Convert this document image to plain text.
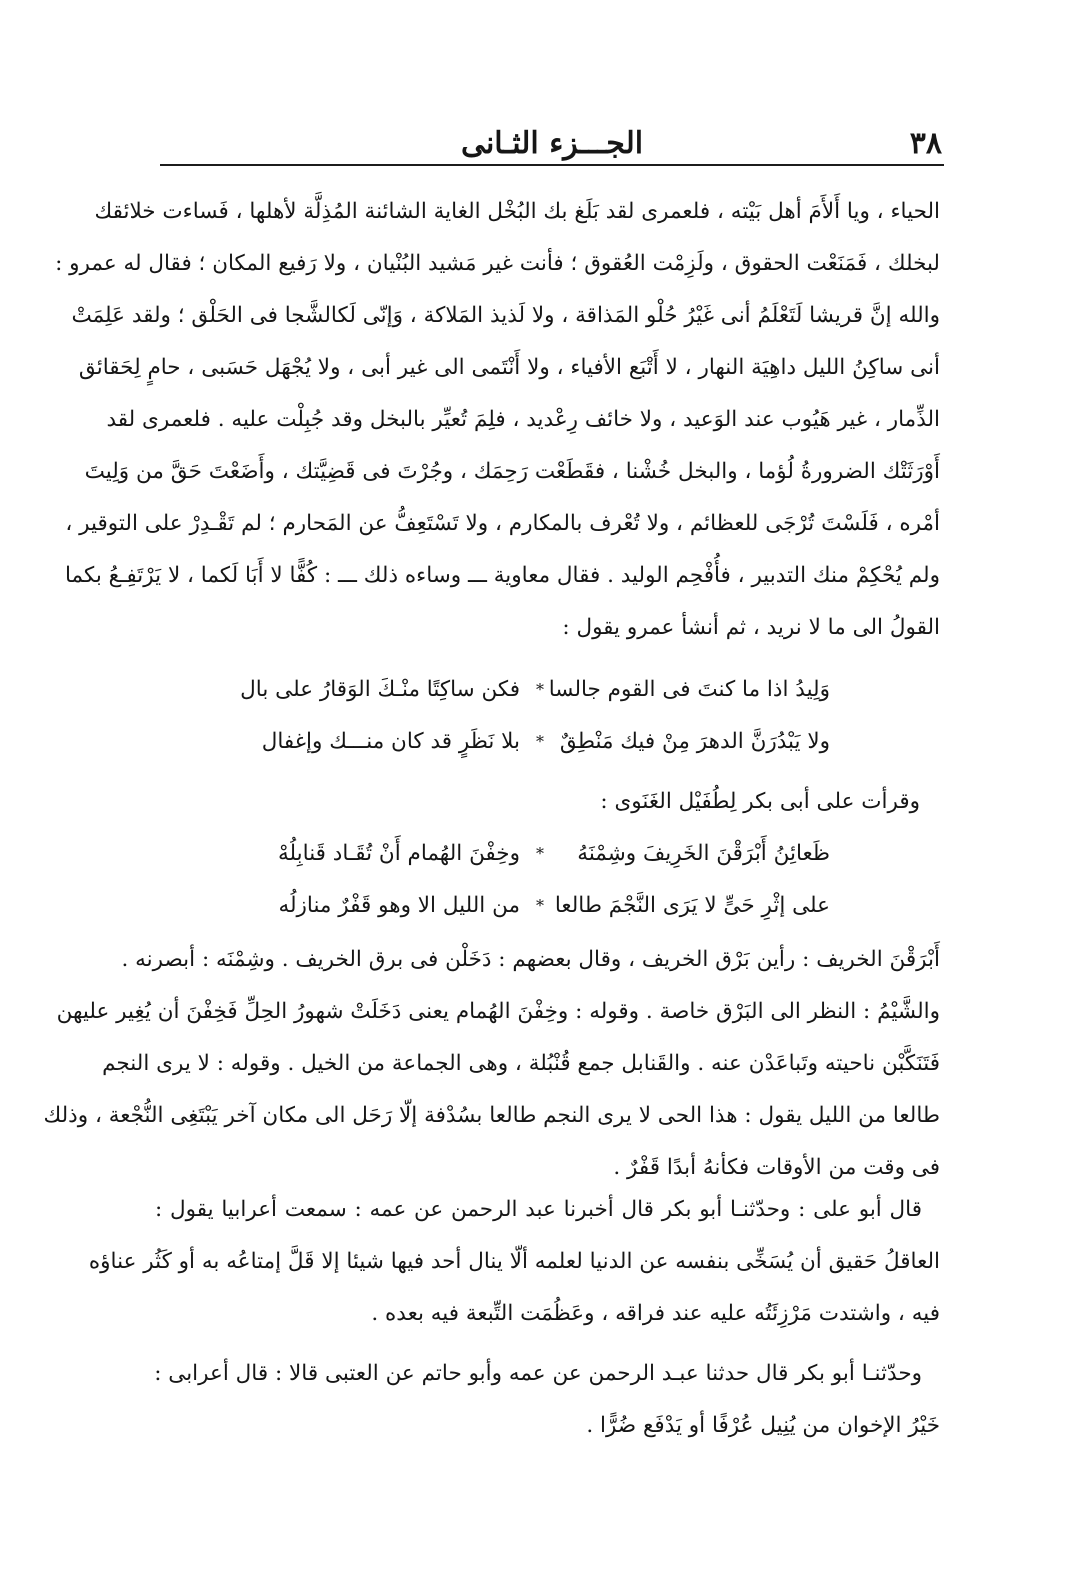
٣٨
الجـــزء الثـانى
الحياء ، ويا أَلأَمَ أهل بَيْته ، فلعمرى لقد بَلَغ بك البُخْل الغاية الشائنة المُذِلَّة لأهلها ، فَساءت خلائقك
لبخلك ، فَمَنَعْت الحقوق ، ولَزِمْت العُقوق ؛ فأنت غير مَشيد البُنْيان ، ولا رَفيع المكان ؛ فقال له عمرو :
والله إنَّ قريشا لَتَعْلَمُ أنى غَيْرُ حُلْو المَذاقة ، ولا لَذيذ المَلاكة ، وَإنّى لَكالشَّجا فى الحَلْق ؛ ولقد عَلِمَتْ
أنى ساكِنُ الليل داهِيَة النهار ، لا أَتْبَع الأفياء ، ولا أَنْتَمى الى غير أبى ، ولا يُجْهَل حَسَبى ، حامٍ لِحَقائق
الذِّمار ، غير هَيُوب عند الوَعيد ، ولا خائف رِعْديد ، فلِمَ تُعيِّر بالبخل وقد جُبِلْت عليه . فلعمرى لقد
أَوْرَثَتْك الضرورةُ لُؤما ، والبخل خُشْنا ، فقَطَعْت رَحِمَك ، وجُرْتَ فى قَضِيَّتك ، وأَضَعْتَ حَقَّ من وَلِيتَ
أمْره ، فَلَسْتَ تُرْجَى للعظائم ، ولا تُعْرف بالمكارم ، ولا تَسْتَعِفُّ عن المَحارم ؛ لم تَقْـدِرْ على التوقير ،
ولم يُحْكِمْ منك التدبير ، فأُفْحِم الوليد . فقال معاوية ـــ وساءه ذلك ـــ : كُفًّا لا أَبَا لَكما ، لا يَرْتَفِـعُ بكما
القولُ الى ما لا نريد ، ثم أنشأ عمرو يقول :
وَلِيدُ اذا ما كنتَ فى القوم جالسا
*
فكن ساكِتًا منْـكَ الوَقارُ على بال
ولا يَبْدُرَنَّ الدهرَ مِنْ فيك مَنْطِقٌ
*
بلا نَظَرٍ قد كان منـــك وإغفال
وقرأت على أبى بكر لِطُفَيْل الغَنَوى :
ظَعائِنُ أَبْرَقْنَ الخَرِيفَ وشِمْنَهُ
*
وخِفْنَ الهُمام أَنْ تُقَـاد قَنابِلُهْ
على إثْرِ حَىٍّ لا يَرَى النَّجْمَ طالعا
*
من الليل الا وهو قَفْرٌ منازلُه
أَبْرَقْنَ الخريف : رأين بَرْق الخريف ، وقال بعضهم : دَخَلْن فى برق الخريف . وشِمْنَه : أبصرنه .
والشَّيْمُ : النظر الى البَرْق خاصة . وقوله : وخِفْنَ الهُمام يعنى دَخَلَتْ شهورُ الحِلِّ فَخِفْنَ أن يُغِير عليهن
فَتَنَكَّبْن ناحيته وتَباعَدْن عنه . والقَنابل جمع قُنْبُلة ، وهى الجماعة من الخيل . وقوله : لا يرى النجم
طالعا من الليل يقول : هذا الحى لا يرى النجم طالعا بسُدْفة إلّا رَحَل الى مكان آخر يَبْتَغِى النُّجْعة ، وذلك
فى وقت من الأوقات فكأنهُ أبدًا قَفْرٌ .
قال أبو على : وحدّثنـا أبو بكر قال أخبرنا عبد الرحمن عن عمه : سمعت أعرابيا يقول :
العاقلُ حَقيق أن يُسَخِّى بنفسه عن الدنيا لعلمه ألّا ينال أحد فيها شيئا إلا قَلَّ إمتاعُه به أو كَثُر عناؤه
فيه ، واشتدت مَرْزِئَتُه عليه عند فراقه ، وعَظُمَت التِّبعة فيه بعده .
وحدّثنـا أبو بكر قال حدثنا عبـد الرحمن عن عمه وأبو حاتم عن العتبى قالا : قال أعرابى :
خَيْرُ الإخوان من يُنِيل عُرْفًا أو يَدْفَع ضُرًّا .
